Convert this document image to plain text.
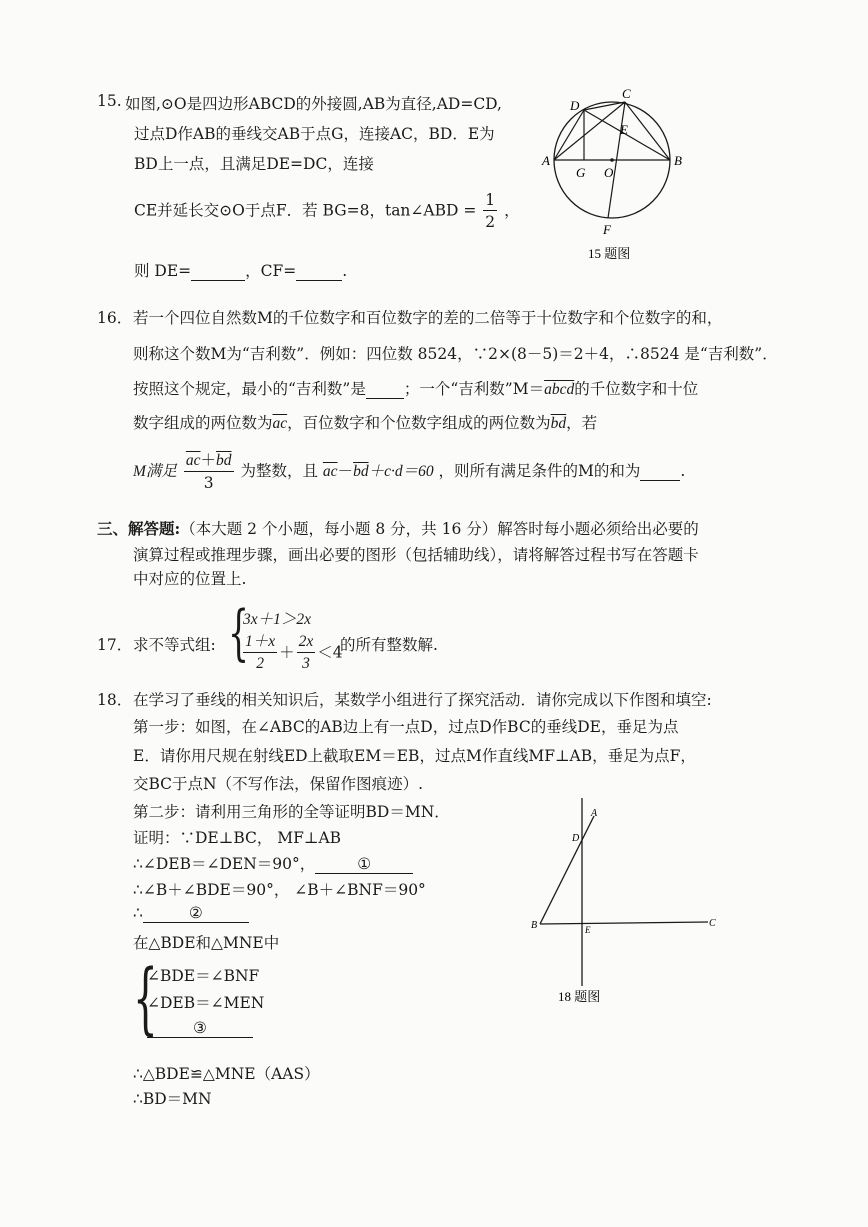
15. 如图,⊙O是四边形ABCD的外接圆,AB为直径,AD=CD,
过点D作AB的垂线交AB于点G，连接AC，BD．E为
BD上一点，且满足DE=DC，连接
CE并延长交⊙O于点F．若 BG=8，tan∠ABD = $\frac{1}{2}$ ，
则 DE=	，CF=	.
A	B
C
D
E
F
G O
15 题图
16． 若一个四位自然数M的千位数字和百位数字的差的二倍等于十位数字和个位数字的和，
则称这个数M为“吉利数”．例如：四位数 8524，∵2×(8－5)＝2＋4，∴8524 是“吉利数”．
按照这个规定，最小的“吉利数”是 ；一个“吉利数”M＝abcd的千位数字和十位
数字组成的两位数为$\overline{ac}$，百位数字和个位数字组成的两位数为$\overline{bd}$，若
M满足 $\frac{\overline{ac}+\overline{bd}}{3}$ 为整数，且 $\overline{ac}-\overline{bd}+c\cdot d=60$ ，则所有满足条件的M的和为	.
三、解答题:（本大题 2 个小题，每小题 8 分，共 16 分）解答时每小题必须给出必要的
演算过程或推理步骤，画出必要的图形（包括辅助线），请将解答过程书写在答题卡
中对应的位置上.
17． 求不等式组: {
3x＋1＞2x
$\frac{1+x}{2} + \frac{2x}{3} <4$
的所有整数解.
18． 在学习了垂线的相关知识后，某数学小组进行了探究活动．请你完成以下作图和填空:
第一步：如图，在∠ABC的AB边上有一点D，过点D作BC的垂线DE，垂足为点
E．请你用尺规在射线ED上截取EM＝EB，过点M作直线MF⊥AB，垂足为点F，
交BC于点N（不写作法，保留作图痕迹）.
第二步：请利用三角形的全等证明BD＝MN．
证明：∵DE⊥BC， MF⊥AB
∴∠DEB＝∠DEN＝90°，	①
∴∠B＋∠BDE＝90°， ∠B＋∠BNF＝90°
∴	②
在△BDE和△MNE中
{
∠BDE＝∠BNF
∠DEB＝∠MEN
③
∴△BDE≌△MNE（AAS）
∴BD＝MN
A
B	C
D
E
18 题图
